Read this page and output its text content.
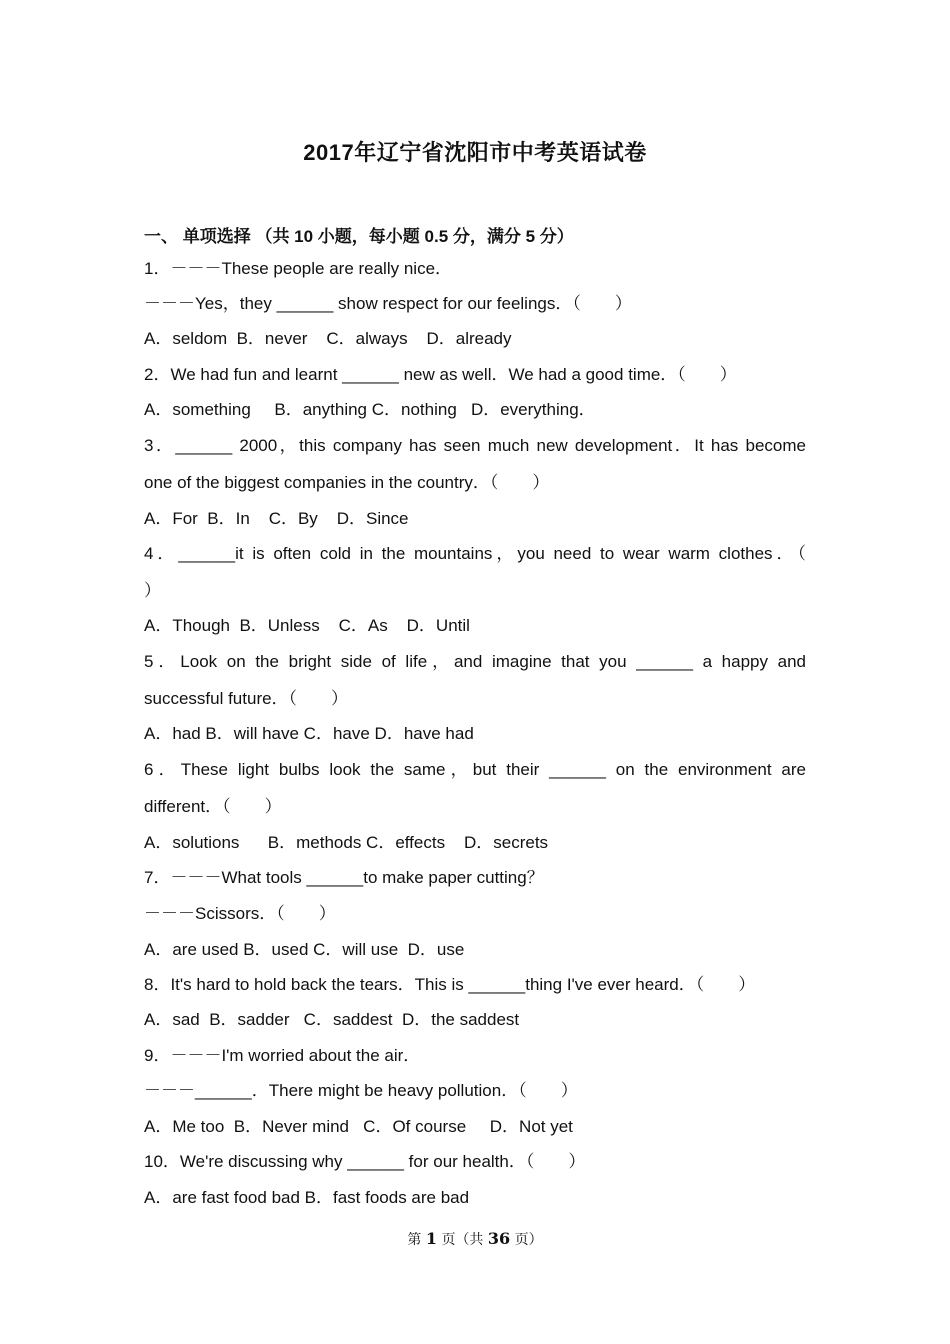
2017年辽宁省沈阳市中考英语试卷
一、 单项选择 （共 10 小题，每小题 0.5 分，满分 5 分）
1．－－－These people are really nice．
－－－Yes，they ______ show respect for our feelings．（　　）
A．seldom  B．never    C．always    D．already
2．We had fun and learnt ______ new as well．We had a good time．（　　）
A．something     B．anything C．nothing   D．everything．
3．______ 2000，this company has seen much new development．It has become
one of the biggest companies in the country．（　　）
A．For  B．In    C．By    D．Since
4．______it is often cold in the mountains，you need to wear warm clothes．（
）
A．Though  B．Unless    C．As    D．Until
5．Look on the bright side of life，and imagine that you ______ a happy and
successful future．（　　）
A．had B．will have C．have D．have had
6．These light bulbs look the same，but their ______ on the environment are
different．（　　）
A．solutions      B．methods C．effects    D．secrets
7．－－－What tools ______to make paper cutting？
－－－Scissors．（　　）
A．are used B．used C．will use  D．use
8．It's hard to hold back the tears．This is ______thing I've ever heard．（　　）
A．sad  B．sadder   C．saddest  D．the saddest
9．－－－I'm worried about the air．
－－－______．There might be heavy pollution．（　　）
A．Me too  B．Never mind   C．Of course     D．Not yet
10．We're discussing why ______ for our health．（　　）
A．are fast food bad B．fast foods are bad
第 1 页（共 36 页）
